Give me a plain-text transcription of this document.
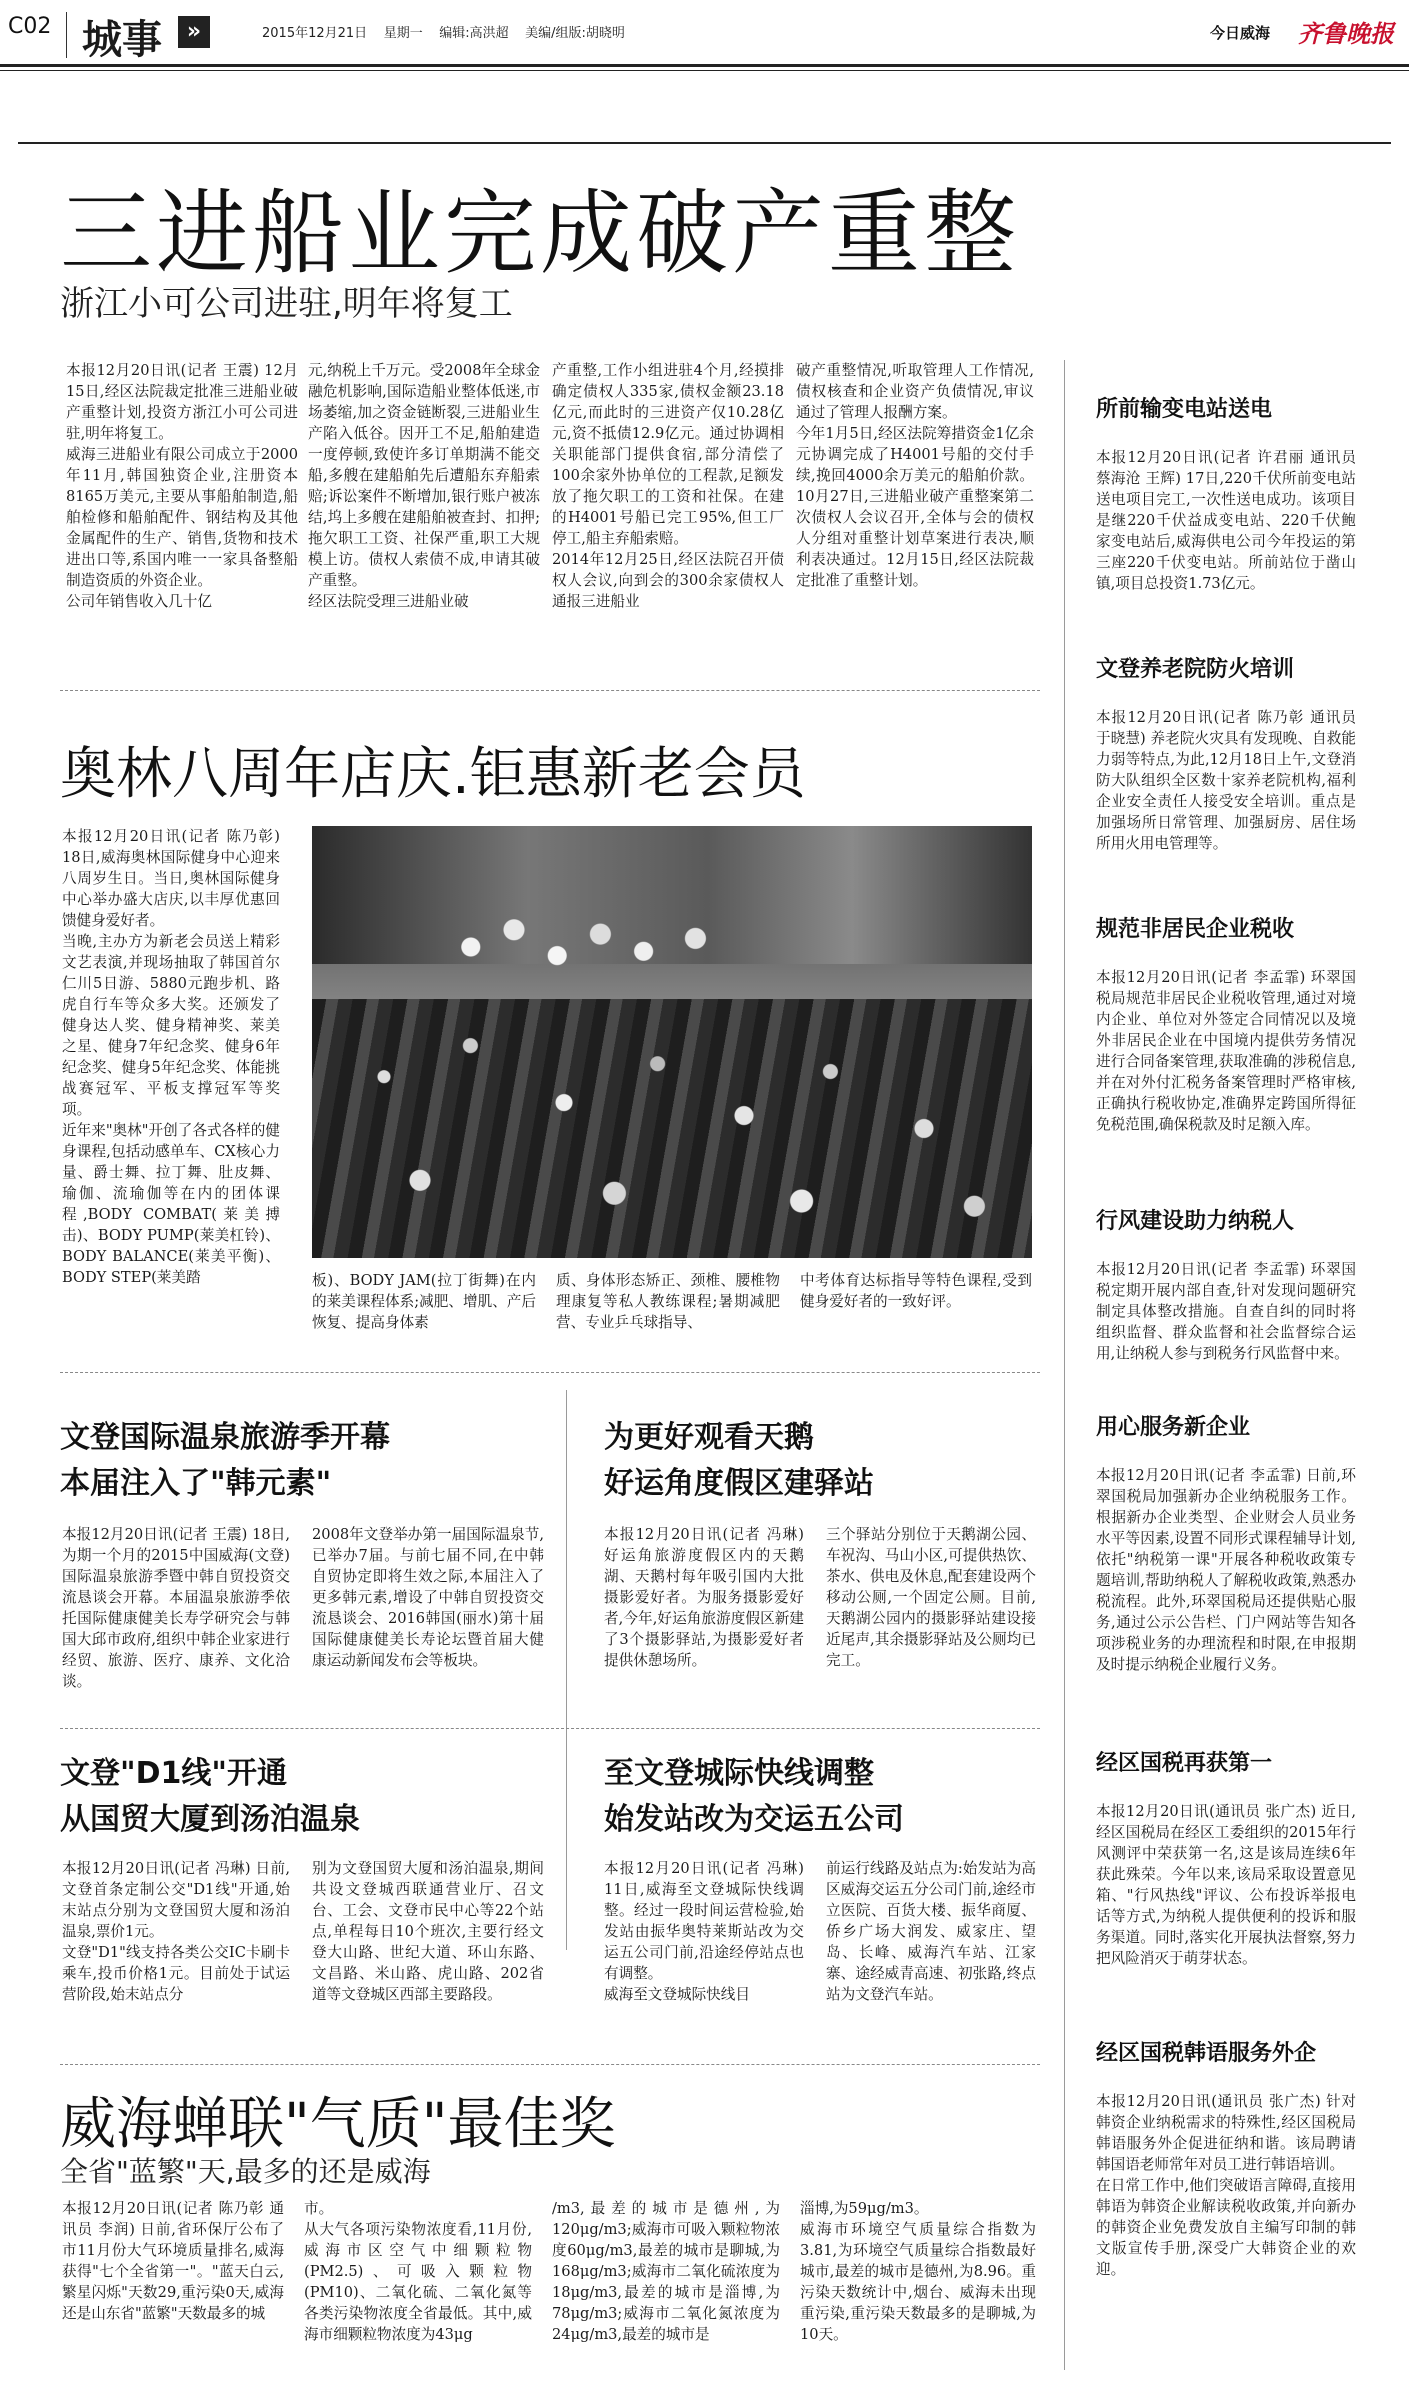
C02 城事	»	2015年12月21日 星期一 编辑:高洪超 美编/组版:胡晓明	今日威海 齐鲁晚报
三进船业完成破产重整
浙江小可公司进驻,明年将复工
本报12月20日讯(记者 王震) 12月15日,经区法院裁定批准三进船业破产重整计划,投资方浙江小可公司进驻,明年将复工。
威海三进船业有限公司成立于2000年11月,韩国独资企业,注册资本8165万美元,主要从事船舶制造,船舶检修和船舶配件、钢结构及其他金属配件的生产、销售,货物和技术进出口等,系国内唯一一家具备整船制造资质的外资企业。
公司年销售收入几十亿
元,纳税上千万元。受2008年全球金融危机影响,国际造船业整体低迷,市场萎缩,加之资金链断裂,三进船业生产陷入低谷。因开工不足,船舶建造一度停顿,致使许多订单期满不能交船,多艘在建船舶先后遭船东弃船索赔;诉讼案件不断增加,银行账户被冻结,坞上多艘在建船舶被查封、扣押;拖欠职工工资、社保严重,职工大规模上访。债权人索债不成,申请其破产重整。
经区法院受理三进船业破
产重整,工作小组进驻4个月,经摸排确定债权人335家,债权金额23.18亿元,而此时的三进资产仅10.28亿元,资不抵债12.9亿元。通过协调相关职能部门提供食宿,部分清偿了100余家外协单位的工程款,足额发放了拖欠职工的工资和社保。在建的H4001号船已完工95%,但工厂停工,船主弃船索赔。
2014年12月25日,经区法院召开债权人会议,向到会的300余家债权人通报三进船业
破产重整情况,听取管理人工作情况,债权核查和企业资产负债情况,审议通过了管理人报酬方案。
今年1月5日,经区法院筹措资金1亿余元协调完成了H4001号船的交付手续,挽回4000余万美元的船舶价款。10月27日,三进船业破产重整案第二次债权人会议召开,全体与会的债权人分组对重整计划草案进行表决,顺利表决通过。12月15日,经区法院裁定批准了重整计划。
奥林八周年店庆.钜惠新老会员
本报12月20日讯(记者 陈乃彰) 18日,威海奥林国际健身中心迎来八周岁生日。当日,奥林国际健身中心举办盛大店庆,以丰厚优惠回馈健身爱好者。
当晚,主办方为新老会员送上精彩文艺表演,并现场抽取了韩国首尔仁川5日游、5880元跑步机、路虎自行车等众多大奖。还颁发了健身达人奖、健身精神奖、莱美之星、健身7年纪念奖、健身6年纪念奖、健身5年纪念奖、体能挑战赛冠军、平板支撑冠军等奖项。
近年来"奥林"开创了各式各样的健身课程,包括动感单车、CX核心力量、爵士舞、拉丁舞、肚皮舞、瑜伽、流瑜伽等在内的团体课程,BODY COMBAT(莱美搏击)、BODY PUMP(莱美杠铃)、BODY BALANCE(莱美平衡)、BODY STEP(莱美踏	板)、BODY JAM(拉丁街舞)在内的莱美课程体系;减肥、增肌、产后恢复、提高身体素
质、身体形态矫正、颈椎、腰椎物理康复等私人教练课程;暑期减肥营、专业乒乓球指导、
中考体育达标指导等特色课程,受到健身爱好者的一致好评。
文登国际温泉旅游季开幕
本届注入了"韩元素"
本报12月20日讯(记者 王震) 18日,为期一个月的2015中国威海(文登)国际温泉旅游季暨中韩自贸投资交流恳谈会开幕。本届温泉旅游季依托国际健康健美长寿学研究会与韩国大邱市政府,组织中韩企业家进行经贸、旅游、医疗、康养、文化洽谈。
2008年文登举办第一届国际温泉节,已举办7届。与前七届不同,在中韩自贸协定即将生效之际,本届注入了更多韩元素,增设了中韩自贸投资交流恳谈会、2016韩国(丽水)第十届国际健康健美长寿论坛暨首届大健康运动新闻发布会等板块。
为更好观看天鹅
好运角度假区建驿站
本报12月20日讯(记者 冯琳) 好运角旅游度假区内的天鹅湖、天鹅村每年吸引国内大批摄影爱好者。为服务摄影爱好者,今年,好运角旅游度假区新建了3个摄影驿站,为摄影爱好者提供休憩场所。
三个驿站分别位于天鹅湖公园、车祝沟、马山小区,可提供热饮、茶水、供电及休息,配套建设两个移动公厕,一个固定公厕。目前,天鹅湖公园内的摄影驿站建设接近尾声,其余摄影驿站及公厕均已完工。
文登"D1线"开通
从国贸大厦到汤泊温泉
本报12月20日讯(记者 冯琳) 日前,文登首条定制公交"D1线"开通,始末站点分别为文登国贸大厦和汤泊温泉,票价1元。
文登"D1"线支持各类公交IC卡刷卡乘车,投币价格1元。目前处于试运营阶段,始末站点分
别为文登国贸大厦和汤泊温泉,期间共设文登城西联通营业厅、召文台、工会、文登市民中心等22个站点,单程每日10个班次,主要行经文登大山路、世纪大道、环山东路、文昌路、米山路、虎山路、202省道等文登城区西部主要路段。
至文登城际快线调整
始发站改为交运五公司
本报12月20日讯(记者 冯琳) 11日,威海至文登城际快线调整。经过一段时间运营检验,始发站由振华奥特莱斯站改为交运五公司门前,沿途经停站点也有调整。
威海至文登城际快线目
前运行线路及站点为:始发站为高区威海交运五分公司门前,途经市立医院、百货大楼、振华商厦、侨乡广场大润发、威家庄、望岛、长峰、威海汽车站、江家寨、途经威青高速、初张路,终点站为文登汽车站。
威海蝉联"气质"最佳奖
全省"蓝繁"天,最多的还是威海
本报12月20日讯(记者 陈乃彰 通讯员 李润) 日前,省环保厅公布了市11月份大气环境质量排名,威海获得"七个全省第一"。"蓝天白云,繁星闪烁"天数29,重污染0天,威海还是山东省"蓝繁"天数最多的城
市。
从大气各项污染物浓度看,11月份,威海市区空气中细颗粒物(PM2.5)、可吸入颗粒物(PM10)、二氧化硫、二氧化氮等各类污染物浓度全省最低。其中,威海市细颗粒物浓度为43μg
/m3,最差的城市是德州,为120μg/m3;威海市可吸入颗粒物浓度60μg/m3,最差的城市是聊城,为168μg/m3;威海市二氧化硫浓度为18μg/m3,最差的城市是淄博,为78μg/m3;威海市二氧化氮浓度为24μg/m3,最差的城市是
淄博,为59μg/m3。
威海市环境空气质量综合指数为3.81,为环境空气质量综合指数最好城市,最差的城市是德州,为8.96。重污染天数统计中,烟台、威海未出现重污染,重污染天数最多的是聊城,为10天。
所前输变电站送电
本报12月20日讯(记者 许君丽 通讯员 蔡海沧 王辉) 17日,220千伏所前变电站送电项目完工,一次性送电成功。该项目是继220千伏益成变电站、220千伏鲍家变电站后,威海供电公司今年投运的第三座220千伏变电站。所前站位于凿山镇,项目总投资1.73亿元。
文登养老院防火培训
本报12月20日讯(记者 陈乃彰 通讯员 于晓慧) 养老院火灾具有发现晚、自救能力弱等特点,为此,12月18日上午,文登消防大队组织全区数十家养老院机构,福利企业安全责任人接受安全培训。重点是加强场所日常管理、加强厨房、居住场所用火用电管理等。
规范非居民企业税收
本报12月20日讯(记者 李孟霏) 环翠国税局规范非居民企业税收管理,通过对境内企业、单位对外签定合同情况以及境外非居民企业在中国境内提供劳务情况进行合同备案管理,获取准确的涉税信息,并在对外付汇税务备案管理时严格审核,正确执行税收协定,准确界定跨国所得征免税范围,确保税款及时足额入库。
行风建设助力纳税人
本报12月20日讯(记者 李孟霏) 环翠国税定期开展内部自查,针对发现问题研究制定具体整改措施。自查自纠的同时将组织监督、群众监督和社会监督综合运用,让纳税人参与到税务行风监督中来。
用心服务新企业
本报12月20日讯(记者 李孟霏) 日前,环翠国税局加强新办企业纳税服务工作。根据新办企业类型、企业财会人员业务水平等因素,设置不同形式课程辅导计划,依托"纳税第一课"开展各种税收政策专题培训,帮助纳税人了解税收政策,熟悉办税流程。此外,环翠国税局还提供贴心服务,通过公示公告栏、门户网站等告知各项涉税业务的办理流程和时限,在申报期及时提示纳税企业履行义务。
经区国税再获第一
本报12月20日讯(通讯员 张广杰) 近日,经区国税局在经区工委组织的2015年行风测评中荣获第一名,这是该局连续6年获此殊荣。今年以来,该局采取设置意见箱、"行风热线"评议、公布投诉举报电话等方式,为纳税人提供便利的投诉和服务渠道。同时,落实化开展执法督察,努力把风险消灭于萌芽状态。
经区国税韩语服务外企
本报12月20日讯(通讯员 张广杰) 针对韩资企业纳税需求的特殊性,经区国税局韩语服务外企促进征纳和谐。该局聘请韩国语老师常年对员工进行韩语培训。
在日常工作中,他们突破语言障碍,直接用韩语为韩资企业解读税收政策,并向新办的韩资企业免费发放自主编写印制的韩文版宣传手册,深受广大韩资企业的欢迎。
